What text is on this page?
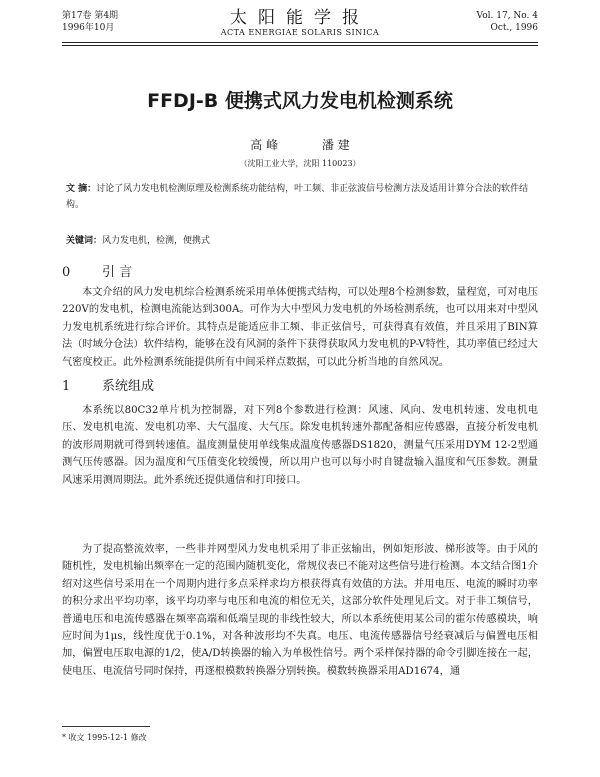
第17卷 第4期
1996年10月	太阳能学报
ACTA ENERGIAE SOLARIS SINICA
Vol. 17, No. 4
Oct., 1996
FFDJ-B 便携式风力发电机检测系统
高 峰	潘 建
（沈阳工业大学，沈阳 110023）
文 摘：讨论了风力发电机检测原理及检测系统功能结构，叶工频、非正弦波信号检测方法及适用计算分合法的软件结构。
关键词：风力发电机，检测，便携式
0 引 言
本文介绍的风力发电机综合检测系统采用单体便携式结构，可以处理8个检测参数，量程宽，可对电压220V的发电机，检测电流能达到300A。可作为大中型风力发电机的外场检测系统，也可以用来对中型风力发电机系统进行综合评价。其特点是能适应非工频、非正弦信号，可获得真有效值，并且采用了BIN算法（时域分仓法）软件结构，能够在没有风洞的条件下获得获取风力发电机的P-V特性，其功率值已经过大气密度校正。此外检测系统能提供所有中间采样点数据，可以此分析当地的自然风况。
1 系统组成
本系统以80C32单片机为控制器，对下列8个参数进行检测：风速、风向、发电机转速、发电机电压、发电机电流、发电机功率、大气温度、大气压。除发电机转速外都配备相应传感器，直接分析发电机的波形周期就可得到转速值。温度测量使用单线集成温度传感器DS1820，测量气压采用DYM 12-2型通测气压传感器。因为温度和气压值变化较缓慢，所以用户也可以每小时自键盘输入温度和气压参数。测量风速采用测周期法。此外系统还提供通信和打印接口。
为了提高整流效率，一些非并网型风力发电机采用了非正弦输出，例如矩形波、梯形波等。由于风的随机性，发电机输出频率在一定的范围内随机变化，常规仪表已不能对这些信号进行检测。本文结合图1介绍对这些信号采用在一个周期内进行多点采样求均方根获得真有效值的方法。并用电压、电流的瞬时功率的积分求出平均功率，该平均功率与电压和电流的相位无关，这部分软件处理见后文。对于非工频信号，普通电压和电流传感器在频率高端和低端呈现的非线性较大，所以本系统使用某公司的霍尔传感模块，响应时间为1μs，线性度优于0.1%，对各种波形均不失真。电压、电流传感器信号经衰减后与偏置电压相加，偏置电压取电源的1/2，使A/D转换器的输入为单极性信号。两个采样保持器的命令引脚连接在一起，使电压、电流信号同时保持，再逐根模数转换器分别转换。模数转换器采用AD1674，通
* 收文 1995-12-1 修改
